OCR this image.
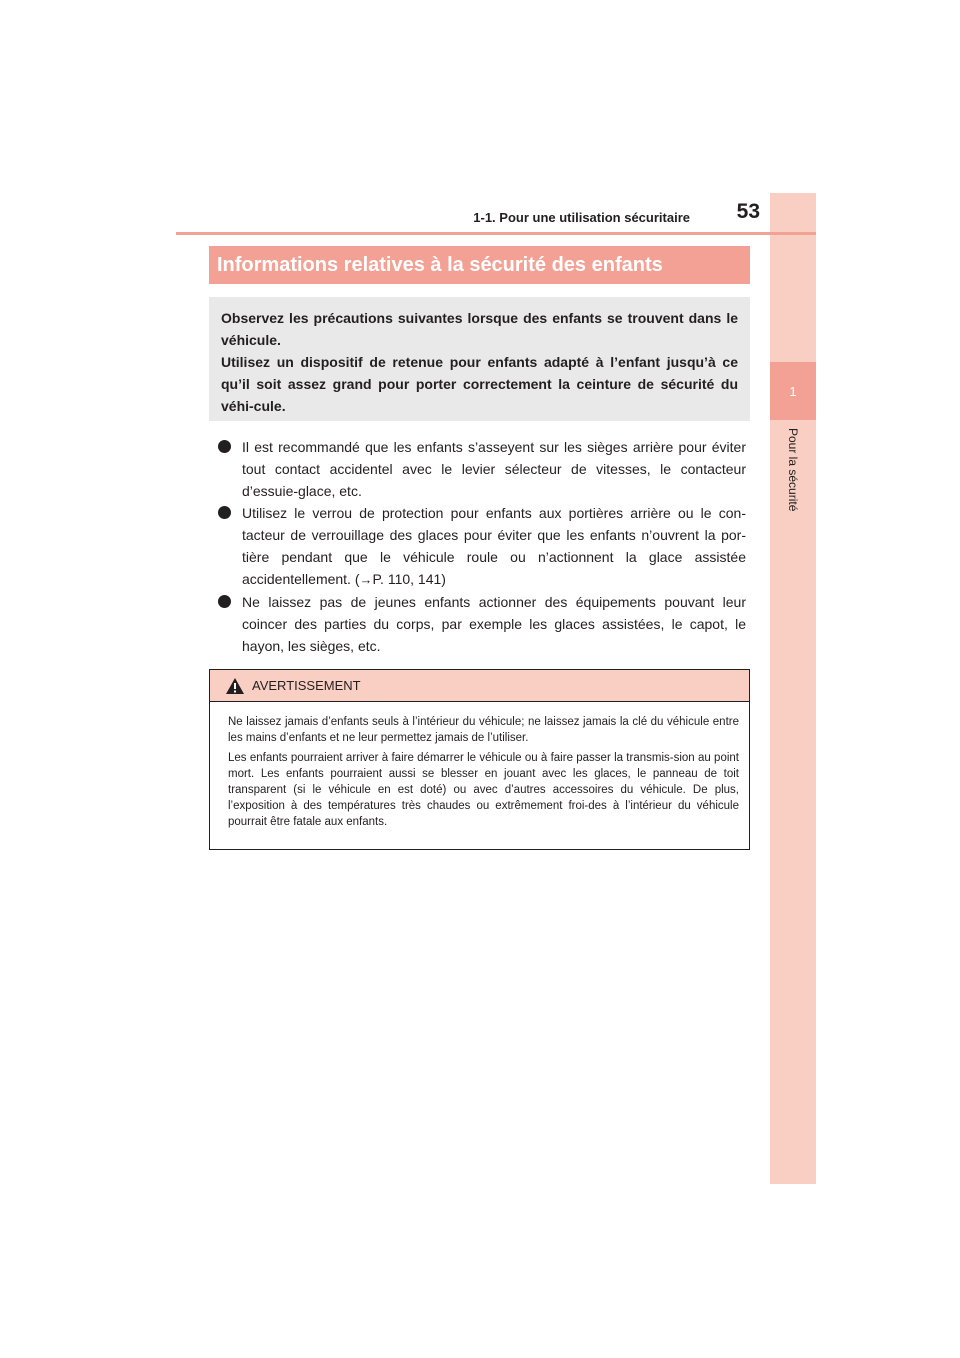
1
Pour la sécurité
1-1. Pour une utilisation sécuritaire	53
Informations relatives à la sécurité des enfants

Observez les précautions suivantes lorsque des enfants se trouvent dans le véhicule.

Utilisez un dispositif de retenue pour enfants adapté à l’enfant jusqu’à ce qu’il soit assez grand pour porter correctement la ceinture de sécurité du véhi-cule.

Il est recommandé que les enfants s’asseyent sur les sièges arrière pour éviter tout contact accidentel avec le levier sélecteur de vitesses, le contacteur d’essuie-glace, etc.
Utilisez le verrou de protection pour enfants aux portières arrière ou le con-tacteur de verrouillage des glaces pour éviter que les enfants n’ouvrent la por-tière pendant que le véhicule roule ou n’actionnent la glace assistée accidentellement. (→P. 110, 141)
Ne laissez pas de jeunes enfants actionner des équipements pouvant leur coincer des parties du corps, par exemple les glaces assistées, le capot, le hayon, les sièges, etc.
AVERTISSEMENT

Ne laissez jamais d’enfants seuls à l’intérieur du véhicule; ne laissez jamais la clé du véhicule entre les mains d’enfants et ne leur permettez jamais de l’utiliser.

Les enfants pourraient arriver à faire démarrer le véhicule ou à faire passer la transmis-sion au point mort. Les enfants pourraient aussi se blesser en jouant avec les glaces, le panneau de toit transparent (si le véhicule en est doté) ou avec d’autres accessoires du véhicule. De plus, l’exposition à des températures très chaudes ou extrêmement froi-des à l’intérieur du véhicule pourrait être fatale aux enfants.
